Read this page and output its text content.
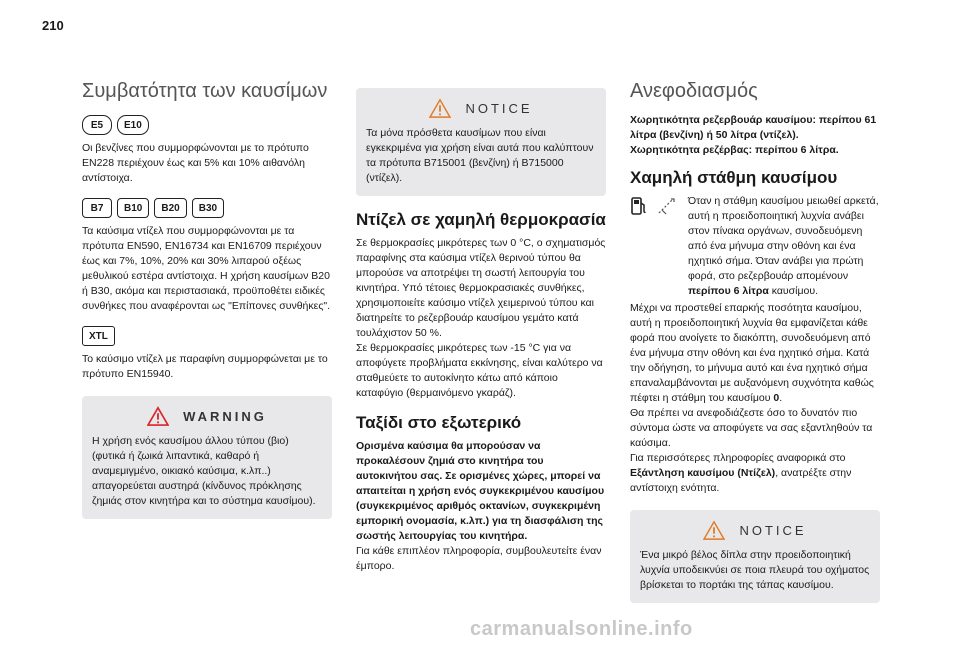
210
Συμβατότητα των καυσίμων
E5	E10

Οι βενζίνες που συμμορφώνονται με το πρότυπο EN228 περιέχουν έως και 5% και 10% αιθανόλη αντίστοιχα.

B7	B10	B20	B30

Τα καύσιμα ντίζελ που συμμορφώνονται με τα πρότυπα EN590, EN16734 και EN16709 περιέχουν έως και 7%, 10%, 20% και 30% λιπαρού οξέως μεθυλικού εστέρα αντίστοιχα. Η χρήση καυσίμων B20 ή B30, ακόμα και περιστασιακά, προϋποθέτει ειδικές συνθήκες που αναφέρονται ως "Επίπονες συνθήκες".

XTL

Το καύσιμο ντίζελ με παραφίνη συμμορφώνεται με το πρότυπο EN15940.

WARNING

Η χρήση ενός καυσίμου άλλου τύπου (βιο) (φυτικά ή ζωικά λιπαντικά, καθαρό ή αναμεμιγμένο, οικιακό καύσιμα, κ.λπ..) απαγορεύεται αυστηρά (κίνδυνος πρόκλησης ζημιάς στον κινητήρα και το σύστημα καυσίμου).

NOTICE

Τα μόνα πρόσθετα καυσίμων που είναι εγκεκριμένα για χρήση είναι αυτά που καλύπτουν τα πρότυπα B715001 (βενζίνη) ή B715000 (ντίζελ).

Ντίζελ σε χαμηλή θερμοκρασία

Σε θερμοκρασίες μικρότερες των 0 °C, ο σχηματισμός παραφίνης στα καύσιμα ντίζελ θερινού τύπου θα μπορούσε να αποτρέψει τη σωστή λειτουργία του κινητήρα. Υπό τέτοιες θερμοκρασιακές συνθήκες, χρησιμοποιείτε καύσιμο ντίζελ χειμερινού τύπου και διατηρείτε το ρεζερβουάρ καυσίμου γεμάτο κατά τουλάχιστον 50 %.

Σε θερμοκρασίες μικρότερες των -15 °C για να αποφύγετε προβλήματα εκκίνησης, είναι καλύτερο να σταθμεύετε το αυτοκίνητο κάτω από κάποιο καταφύγιο (θερμαινόμενο γκαράζ).

Ταξίδι στο εξωτερικό

Ορισμένα καύσιμα θα μπορούσαν να προκαλέσουν ζημιά στο κινητήρα του αυτοκινήτου σας. Σε ορισμένες χώρες, μπορεί να απαιτείται η χρήση ενός συγκεκριμένου καυσίμου (συγκεκριμένος αριθμός οκτανίων, συγκεκριμένη εμπορική ονομασία, κ.λπ.) για τη διασφάλιση της σωστής λειτουργίας του κινητήρα.

Για κάθε επιπλέον πληροφορία, συμβουλευτείτε έναν έμπορο.

Ανεφοδιασμός

Χωρητικότητα ρεζερβουάρ καυσίμου: περίπου 61 λίτρα (βενζίνη) ή 50 λίτρα (ντίζελ).

Χωρητικότητα ρεζέρβας: περίπου 6 λίτρα.

Χαμηλή στάθμη καυσίμου

Όταν η στάθμη καυσίμου μειωθεί αρκετά, αυτή η προειδοποιητική λυχνία ανάβει στον πίνακα οργάνων, συνοδευόμενη από ένα μήνυμα στην οθόνη και ένα ηχητικό σήμα. Όταν ανάβει για πρώτη φορά, στο ρεζερβουάρ απομένουν περίπου 6 λίτρα καυσίμου.

Μέχρι να προστεθεί επαρκής ποσότητα καυσίμου, αυτή η προειδοποιητική λυχνία θα εμφανίζεται κάθε φορά που ανοίγετε το διακόπτη, συνοδευόμενη από ένα μήνυμα στην οθόνη και ένα ηχητικό σήμα. Κατά την οδήγηση, το μήνυμα αυτό και ένα ηχητικό σήμα επαναλαμβάνονται με αυξανόμενη συχνότητα καθώς πέφτει η στάθμη του καυσίμου 0.

Θα πρέπει να ανεφοδιάζεστε όσο το δυνατόν πιο σύντομα ώστε να αποφύγετε να σας εξαντληθούν τα καύσιμα.

Για περισσότερες πληροφορίες αναφορικά στο Εξάντληση καυσίμου (Ντίζελ), ανατρέξτε στην αντίστοιχη ενότητα.

NOTICE

Ένα μικρό βέλος δίπλα στην προειδοποιητική λυχνία υποδεικνύει σε ποια πλευρά του οχήματος βρίσκεται το πορτάκι της τάπας καυσίμου.

carmanualsonline.info
